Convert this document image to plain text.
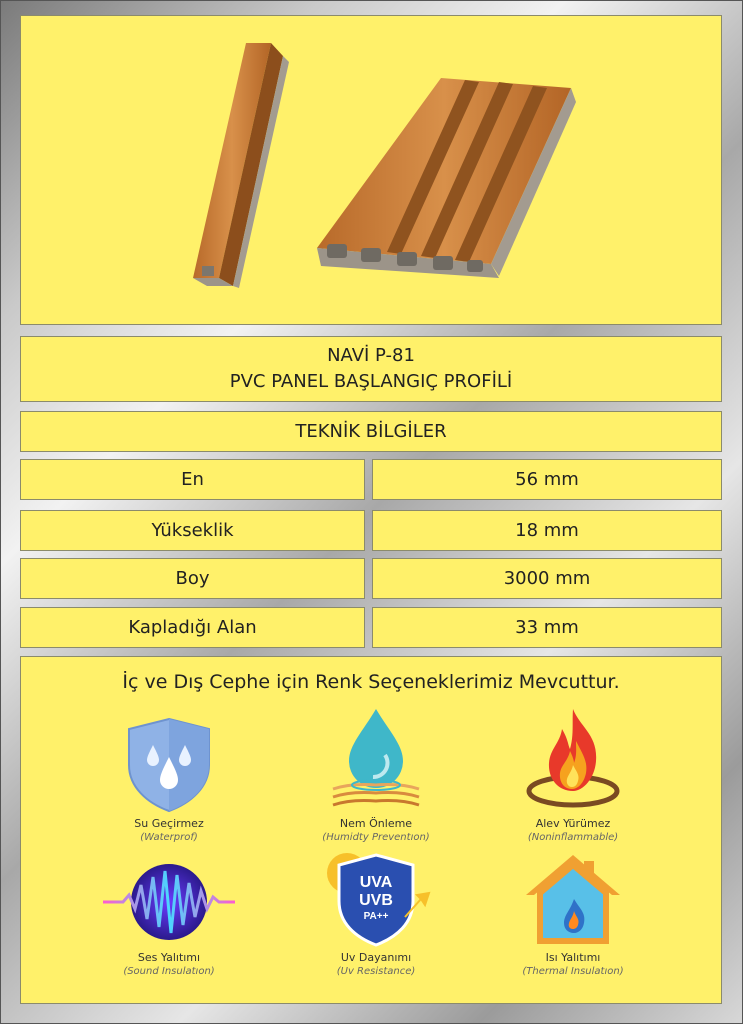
NAVİ P-81
PVC PANEL BAŞLANGIÇ PROFİLİ
TEKNİK BİLGİLER
En	56 mm
Yükseklik	18 mm
Boy	3000 mm
Kapladığı Alan	33 mm
İç ve Dış Cephe için Renk Seçeneklerimiz Mevcuttur.
Su Geçirmez
(Waterprof)
Nem Önleme
(Humidty Preventıon)
Alev Yürümez
(Noninflammable)
Ses Yalıtımı
(Sound Insulatıon)
UVA
UVB
PA++
Uv Dayanımı
(Uv Resistance)
Isı Yalıtımı
(Thermal Insulatıon)
